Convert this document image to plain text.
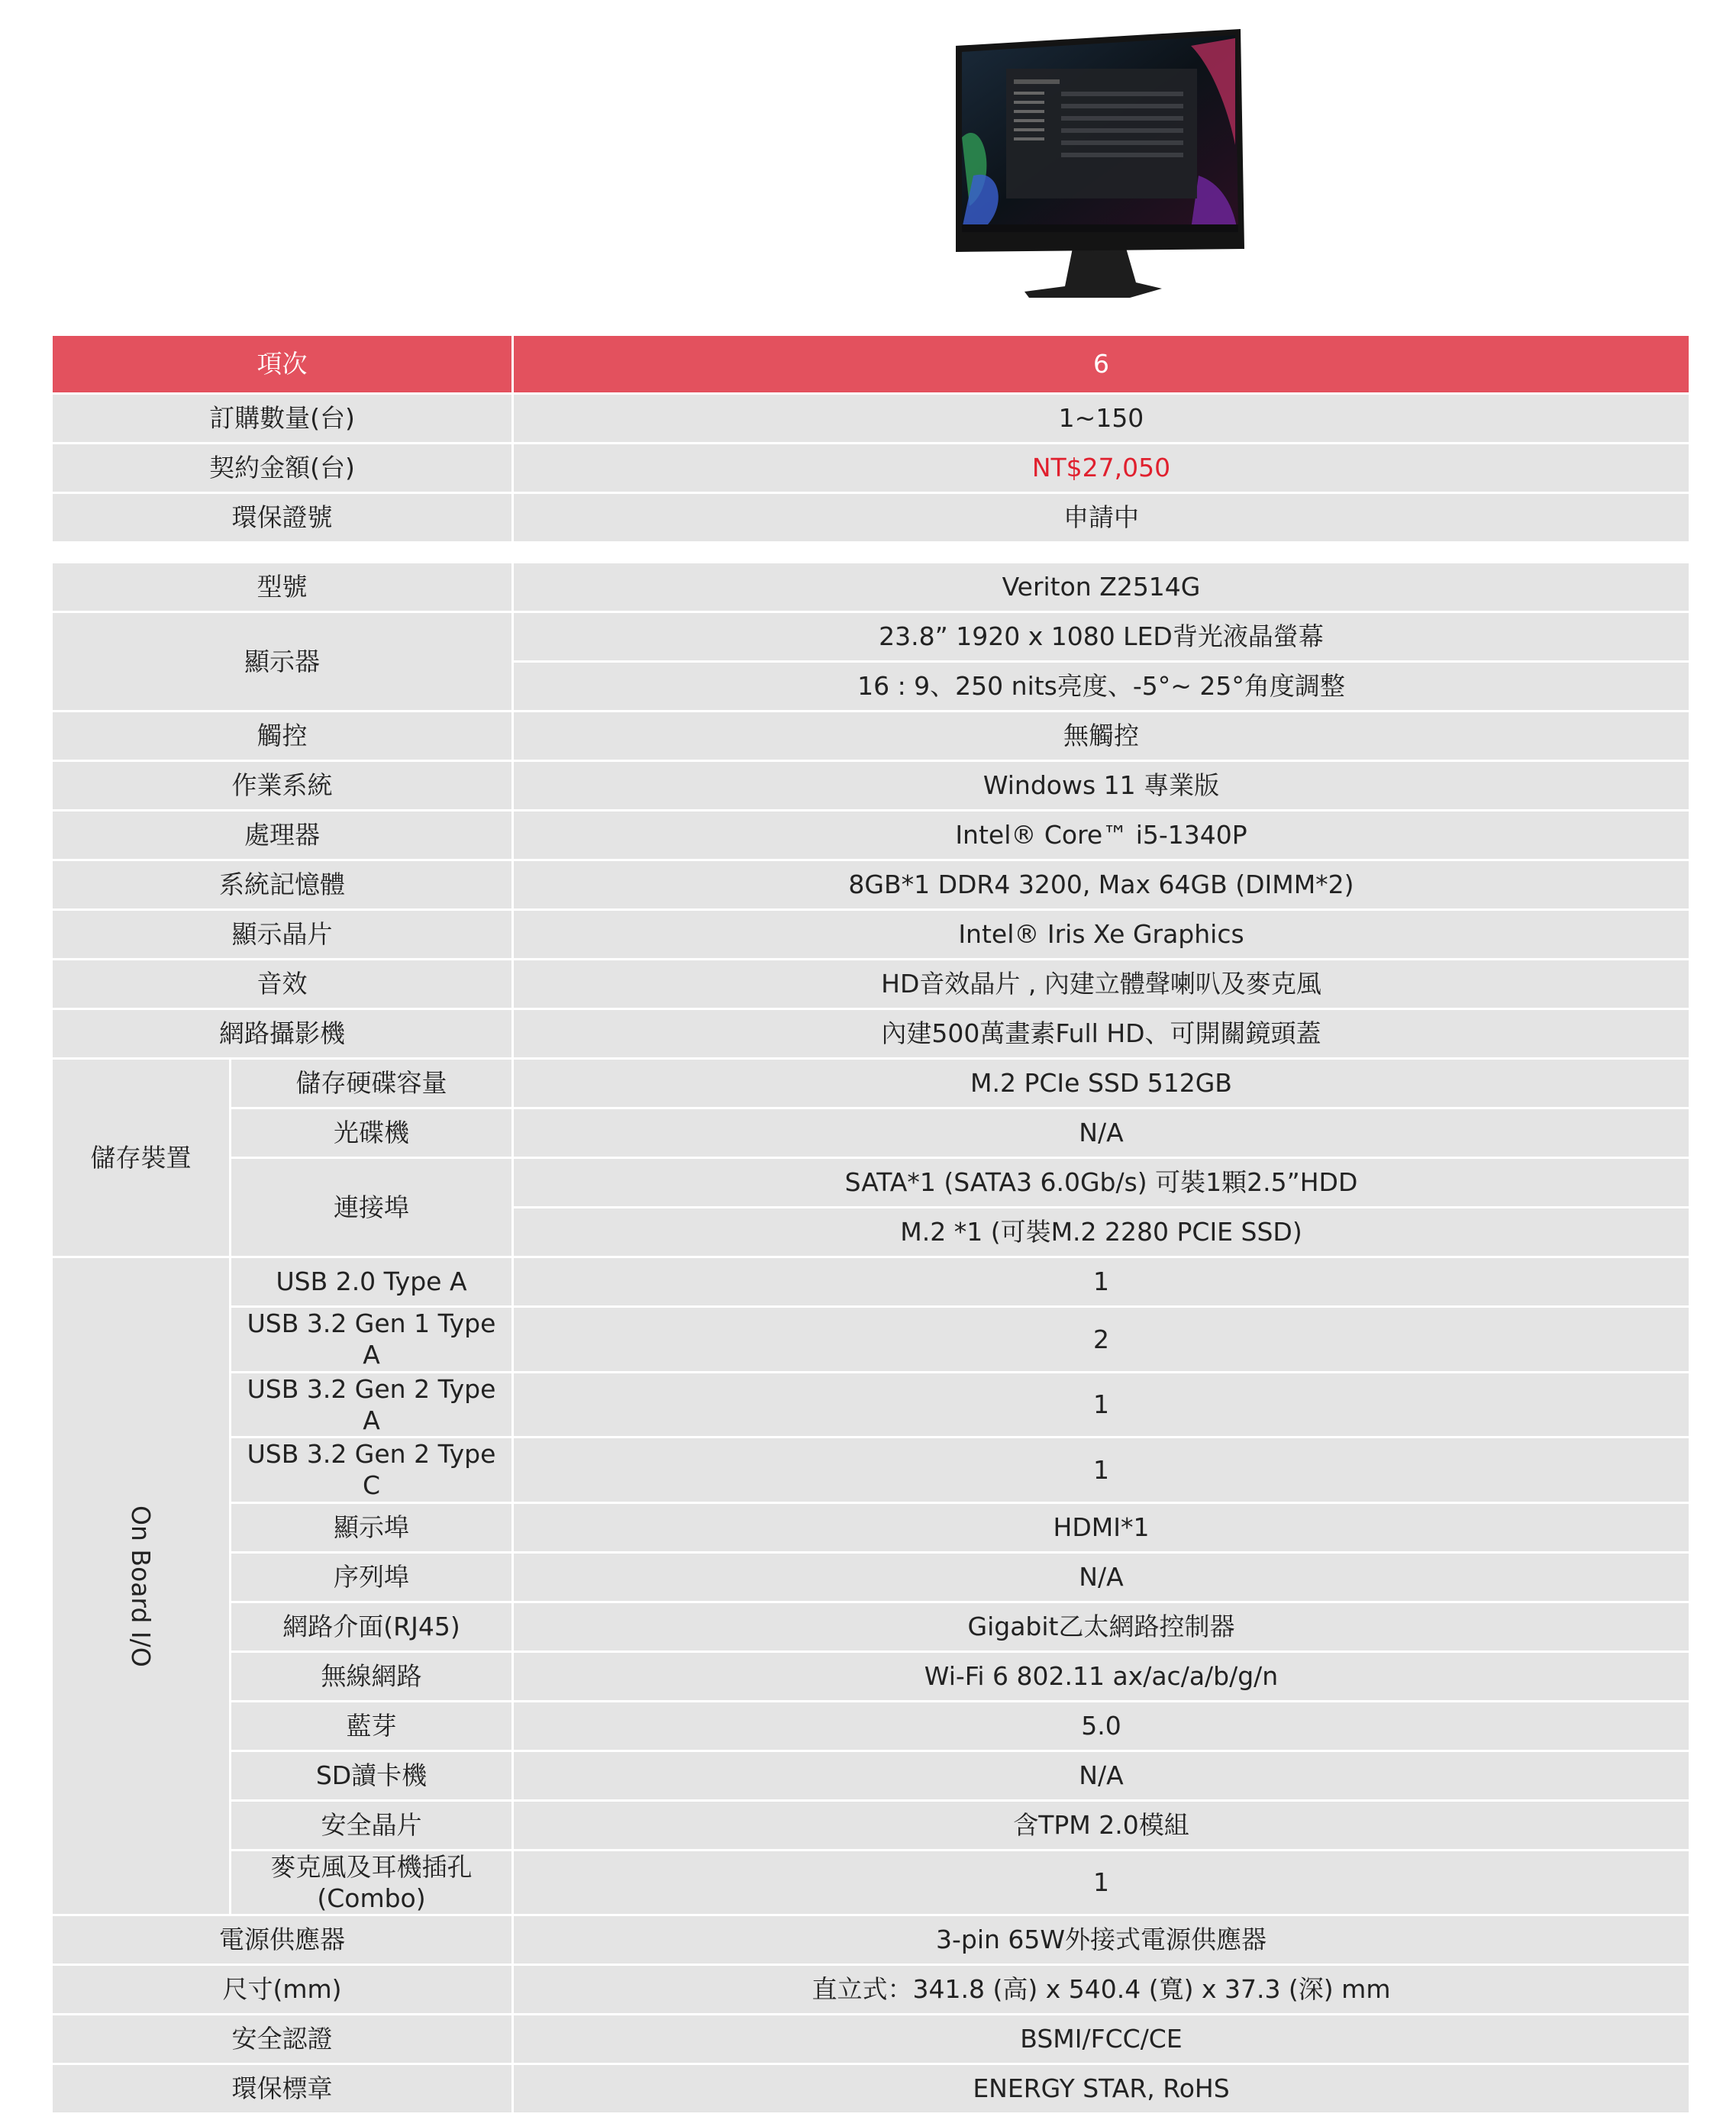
項次	6
訂購數量(台)	1~150
契約金額(台)	NT$27,050
環保證號	申請中
型號		Veriton Z2514G
顯示器		23.8” 1920 x 1080 LED背光液晶螢幕
		16 : 9、250 nits亮度、-5°~ 25°角度調整
觸控		無觸控
作業系統		Windows 11 專業版
處理器		Intel® Core™ i5-1340P
系統記憶體		8GB*1 DDR4 3200, Max 64GB (DIMM*2)
顯示晶片		Intel® Iris Xe Graphics
音效		HD音效晶片 , 內建立體聲喇叭及麥克風
網路攝影機		內建500萬畫素Full HD、可開關鏡頭蓋
儲存裝置	儲存硬碟容量	M.2 PCIe SSD 512GB
	光碟機	N/A
	連接埠	SATA*1 (SATA3 6.0Gb/s) 可裝1顆2.5”HDD
		M.2 *1 (可裝M.2 2280 PCIE SSD)
On Board I/O	USB 2.0 Type A	1
	USB 3.2 Gen 1 Type A	2
	USB 3.2 Gen 2 Type A	1
	USB 3.2 Gen 2 Type C	1
	顯示埠	HDMI*1
	序列埠	N/A
	網路介面(RJ45)	Gigabit乙太網路控制器
	無線網路	Wi-Fi 6 802.11 ax/ac/a/b/g/n
	藍芽	5.0
	SD讀卡機	N/A
	安全晶片	含TPM 2.0模組
	麥克風及耳機插孔 (Combo)	1
電源供應器		3-pin 65W外接式電源供應器
尺寸(mm)		直立式：341.8 (高) x 540.4 (寬) x 37.3 (深) mm
安全認證		BSMI/FCC/CE
環保標章		ENERGY STAR, RoHS
